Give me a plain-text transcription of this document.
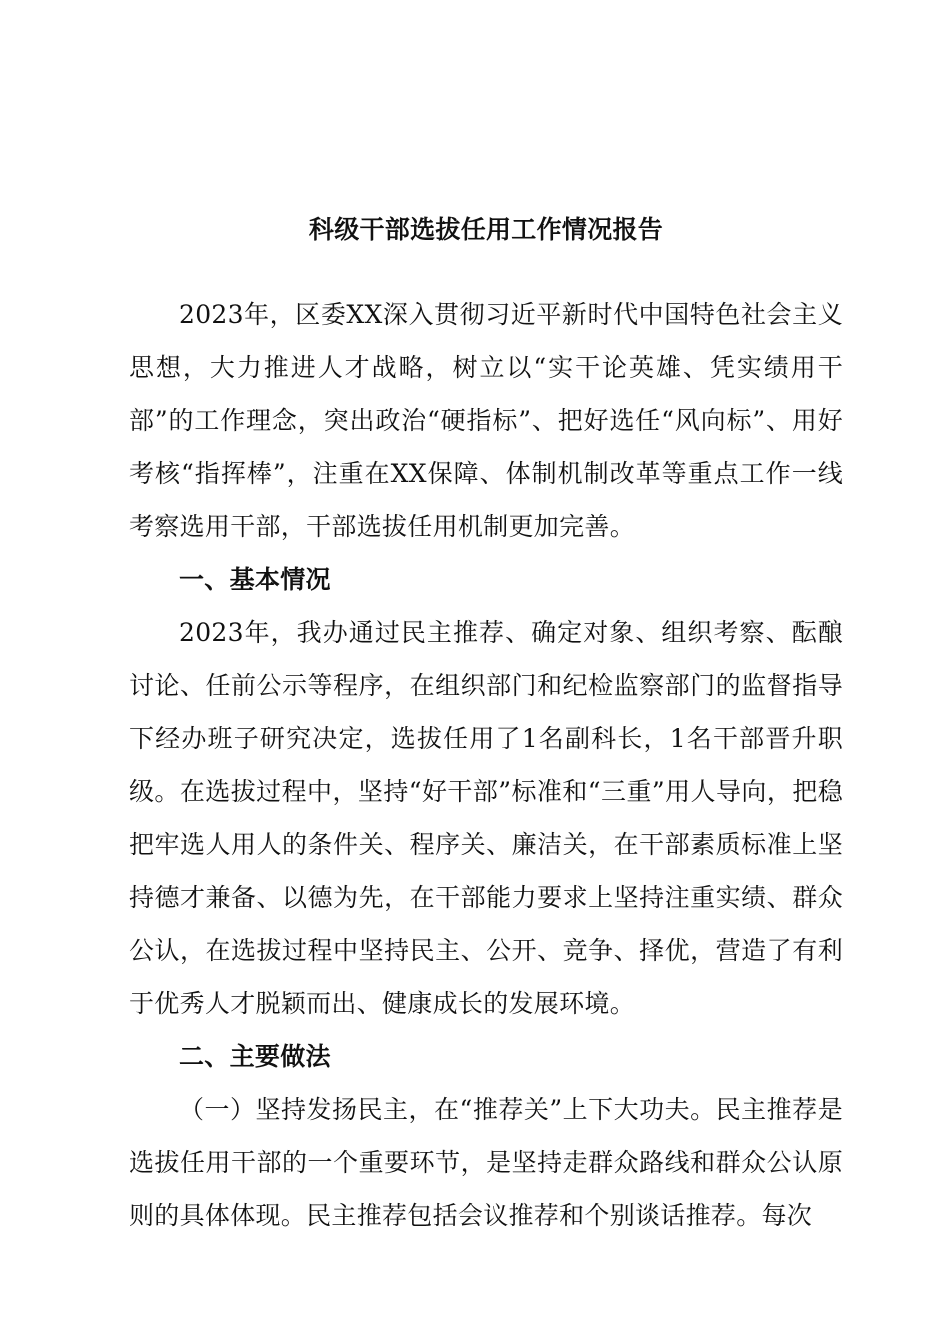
科级干部选拔任用工作情况报告

2023年，区委XX深入贯彻习近平新时代中国特色社会主义思想，大力推进人才战略，树立以“实干论英雄、凭实绩用干部”的工作理念，突出政治“硬指标”、把好选任“风向标”、用好考核“指挥棒”，注重在XX保障、体制机制改革等重点工作一线考察选用干部，干部选拔任用机制更加完善。

一、基本情况

2023年，我办通过民主推荐、确定对象、组织考察、酝酿讨论、任前公示等程序，在组织部门和纪检监察部门的监督指导下经办班子研究决定，选拔任用了1名副科长，1名干部晋升职级。在选拔过程中，坚持“好干部”标准和“三重”用人导向，把稳把牢选人用人的条件关、程序关、廉洁关，在干部素质标准上坚持德才兼备、以德为先，在干部能力要求上坚持注重实绩、群众公认，在选拔过程中坚持民主、公开、竞争、择优，营造了有利于优秀人才脱颖而出、健康成长的发展环境。

二、主要做法

（一）坚持发扬民主，在“推荐关”上下大功夫。民主推荐是选拔任用干部的一个重要环节，是坚持走群众路线和群众公认原则的具体体现。民主推荐包括会议推荐和个别谈话推荐。每次
